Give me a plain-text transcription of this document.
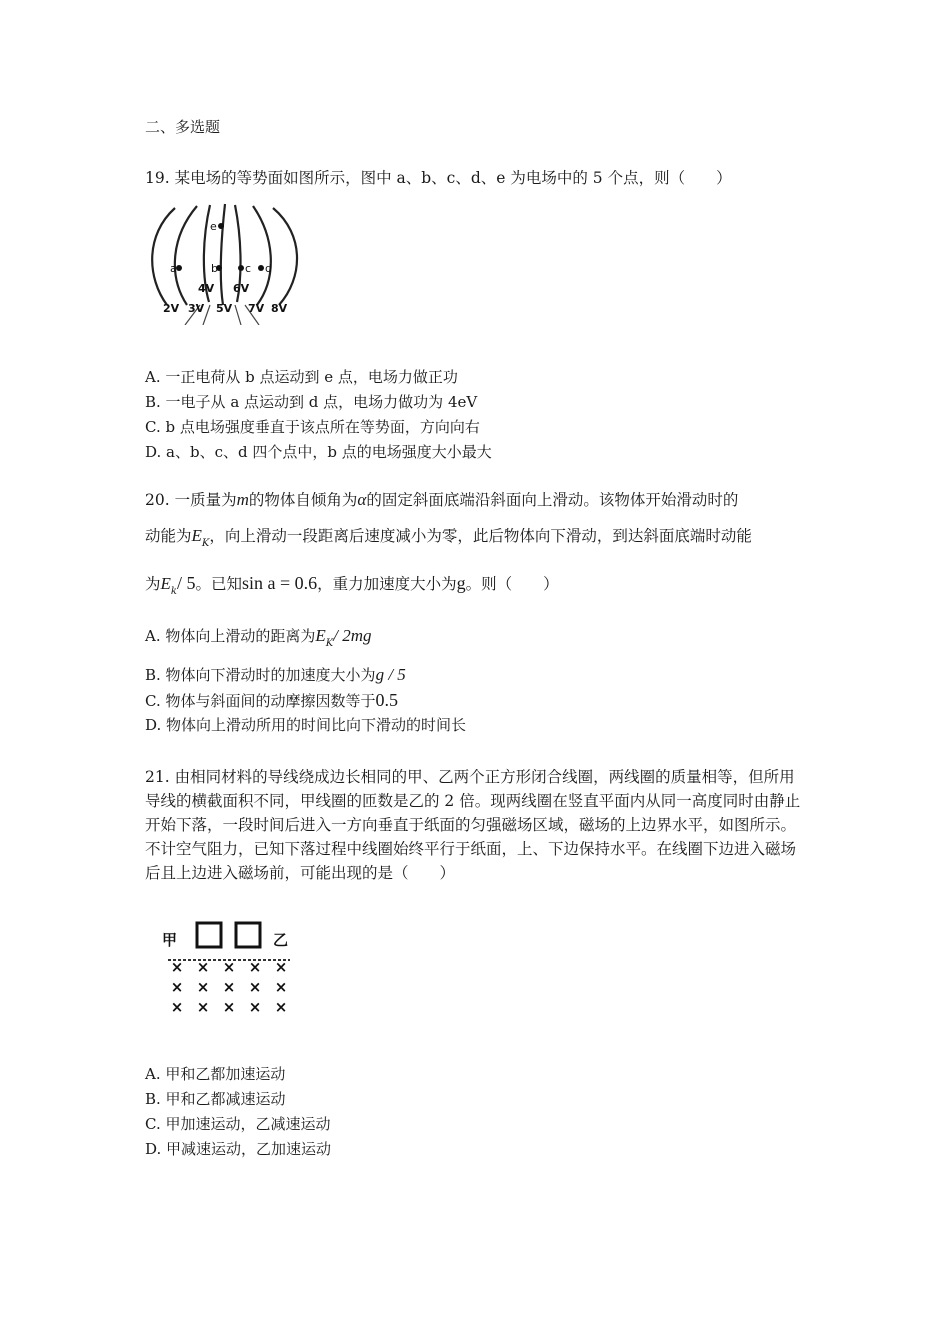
二、多选题
19. 某电场的等势面如图所示，图中 a、b、c、d、e 为电场中的 5 个点，则（　　）
e
a	b c d
4V 6V
2V 3V 5V 7V 8V
A. 一正电荷从 b 点运动到 e 点，电场力做正功
B. 一电子从 a 点运动到 d 点，电场力做功为 4eV
C. b 点电场强度垂直于该点所在等势面，方向向右
D. a、b、c、d 四个点中，b 点的电场强度大小最大
20. 一质量为m的物体自倾角为α的固定斜面底端沿斜面向上滑动。该物体开始滑动时的
动能为$E_K$，向上滑动一段距离后速度减小为零，此后物体向下滑动，到达斜面底端时动能
为$E_k/$ 5。已知sin a = 0.6，重力加速度大小为g。则（　　）
A. 物体向上滑动的距离为$E_K/$ 2mg
B. 物体向下滑动时的加速度大小为g / 5
C. 物体与斜面间的动摩擦因数等于0.5
D. 物体向上滑动所用的时间比向下滑动的时间长
21. 由相同材料的导线绕成边长相同的甲、乙两个正方形闭合线圈，两线圈的质量相等，但所用导线的横截面积不同，甲线圈的匝数是乙的 2 倍。现两线圈在竖直平面内从同一高度同时由静止开始下落，一段时间后进入一方向垂直于纸面的匀强磁场区域，磁场的上边界水平，如图所示。不计空气阻力，已知下落过程中线圈始终平行于纸面，上、下边保持水平。在线圈下边进入磁场后且上边进入磁场前，可能出现的是（　　）
甲	乙
× × × × ×
× × × × ×
× × × × ×
A. 甲和乙都加速运动
B. 甲和乙都减速运动
C. 甲加速运动，乙减速运动
D. 甲减速运动，乙加速运动
